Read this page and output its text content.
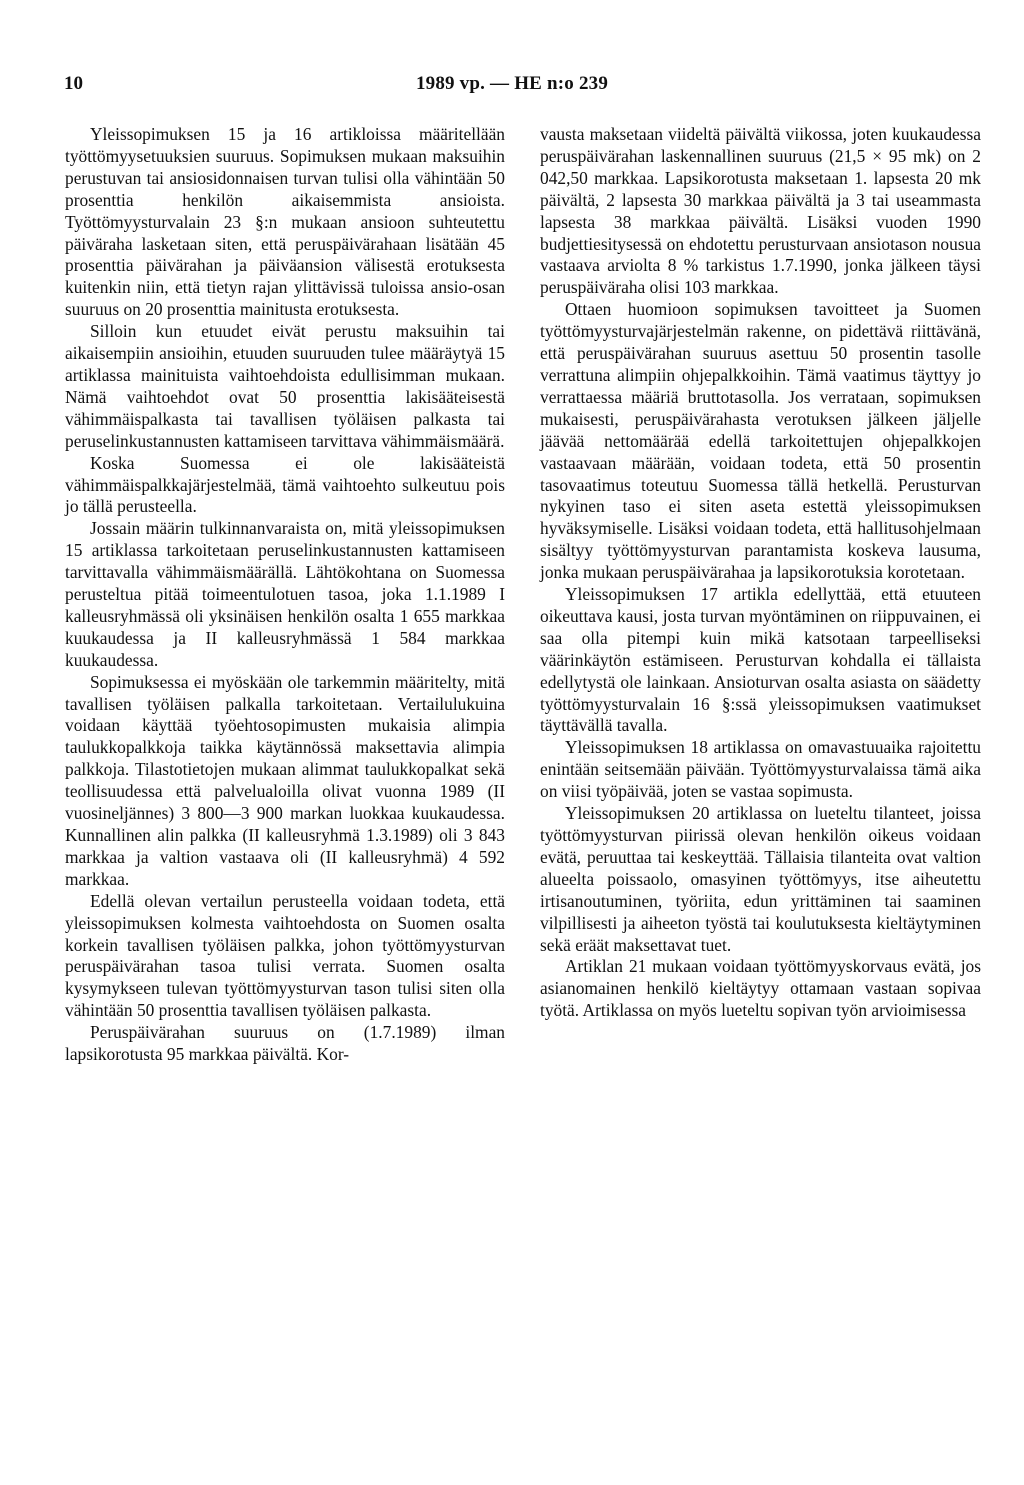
10	1989 vp. — HE n:o 239

Yleissopimuksen 15 ja 16 artikloissa määritellään työttömyysetuuksien suuruus. Sopimuksen mukaan maksuihin perustuvan tai ansiosidonnaisen turvan tulisi olla vähintään 50 prosenttia henkilön aikaisemmista ansioista. Työttömyysturvalain 23 §:n mukaan ansioon suhteutettu päiväraha lasketaan siten, että peruspäivärahaan lisätään 45 prosenttia päivärahan ja päiväansion välisestä erotuksesta kuitenkin niin, että tietyn rajan ylittävissä tuloissa ansio-osan suuruus on 20 prosenttia mainitusta erotuksesta.

Silloin kun etuudet eivät perustu maksuihin tai aikaisempiin ansioihin, etuuden suuruuden tulee määräytyä 15 artiklassa mainituista vaihtoehdoista edullisimman mukaan. Nämä vaihtoehdot ovat 50 prosenttia lakisääteisestä vähimmäispalkasta tai tavallisen työläisen palkasta tai peruselinkustannusten kattamiseen tarvittava vähimmäismäärä.

Koska Suomessa ei ole lakisääteistä vähimmäispalkkajärjestelmää, tämä vaihtoehto sulkeutuu pois jo tällä perusteella.

Jossain määrin tulkinnanvaraista on, mitä yleissopimuksen 15 artiklassa tarkoitetaan peruselinkustannusten kattamiseen tarvittavalla vähimmäismäärällä. Lähtökohtana on Suomessa perusteltua pitää toimeentulotuen tasoa, joka 1.1.1989 I kalleusryhmässä oli yksinäisen henkilön osalta 1 655 markkaa kuukaudessa ja II kalleusryhmässä 1 584 markkaa kuukaudessa.

Sopimuksessa ei myöskään ole tarkemmin määritelty, mitä tavallisen työläisen palkalla tarkoitetaan. Vertailulukuina voidaan käyttää työehtosopimusten mukaisia alimpia taulukkopalkkoja taikka käytännössä maksettavia alimpia palkkoja. Tilastotietojen mukaan alimmat taulukkopalkat sekä teollisuudessa että palvelualoilla olivat vuonna 1989 (II vuosineljännes) 3 800—3 900 markan luokkaa kuukaudessa. Kunnallinen alin palkka (II kalleusryhmä 1.3.1989) oli 3 843 markkaa ja valtion vastaava oli (II kalleusryhmä) 4 592 markkaa.

Edellä olevan vertailun perusteella voidaan todeta, että yleissopimuksen kolmesta vaihtoehdosta on Suomen osalta korkein tavallisen työläisen palkka, johon työttömyysturvan peruspäivärahan tasoa tulisi verrata. Suomen osalta kysymykseen tulevan työttömyysturvan tason tulisi siten olla vähintään 50 prosenttia tavallisen työläisen palkasta.

Peruspäivärahan suuruus on (1.7.1989) ilman lapsikorotusta 95 markkaa päivältä. Kor-

vausta maksetaan viideltä päivältä viikossa, joten kuukaudessa peruspäivärahan laskennallinen suuruus (21,5 × 95 mk) on 2 042,50 markkaa. Lapsikorotusta maksetaan 1. lapsesta 20 mk päivältä, 2 lapsesta 30 markkaa päivältä ja 3 tai useammasta lapsesta 38 markkaa päivältä. Lisäksi vuoden 1990 budjettiesitysessä on ehdotettu perusturvaan ansiotason nousua vastaava arviolta 8 % tarkistus 1.7.1990, jonka jälkeen täysi peruspäiväraha olisi 103 markkaa.

Ottaen huomioon sopimuksen tavoitteet ja Suomen työttömyysturvajärjestelmän rakenne, on pidettävä riittävänä, että peruspäivärahan suuruus asettuu 50 prosentin tasolle verrattuna alimpiin ohjepalkkoihin. Tämä vaatimus täyttyy jo verrattaessa määriä bruttotasolla. Jos verrataan, sopimuksen mukaisesti, peruspäivärahasta verotuksen jälkeen jäljelle jäävää nettomäärää edellä tarkoitettujen ohjepalkkojen vastaavaan määrään, voidaan todeta, että 50 prosentin tasovaatimus toteutuu Suomessa tällä hetkellä. Perusturvan nykyinen taso ei siten aseta estettä yleissopimuksen hyväksymiselle. Lisäksi voidaan todeta, että hallitusohjelmaan sisältyy työttömyysturvan parantamista koskeva lausuma, jonka mukaan peruspäivärahaa ja lapsikorotuksia korotetaan.

Yleissopimuksen 17 artikla edellyttää, että etuuteen oikeuttava kausi, josta turvan myöntäminen on riippuvainen, ei saa olla pitempi kuin mikä katsotaan tarpeelliseksi väärinkäytön estämiseen. Perusturvan kohdalla ei tällaista edellytystä ole lainkaan. Ansioturvan osalta asiasta on säädetty työttömyysturvalain 16 §:ssä yleissopimuksen vaatimukset täyttävällä tavalla.

Yleissopimuksen 18 artiklassa on omavastuuaika rajoitettu enintään seitsemään päivään. Työttömyysturvalaissa tämä aika on viisi työpäivää, joten se vastaa sopimusta.

Yleissopimuksen 20 artiklassa on lueteltu tilanteet, joissa työttömyysturvan piirissä olevan henkilön oikeus voidaan evätä, peruuttaa tai keskeyttää. Tällaisia tilanteita ovat valtion alueelta poissaolo, omasyinen työttömyys, itse aiheutettu irtisanoutuminen, työriita, edun yrittäminen tai saaminen vilpillisesti ja aiheeton työstä tai koulutuksesta kieltäytyminen sekä eräät maksettavat tuet.

Artiklan 21 mukaan voidaan työttömyyskorvaus evätä, jos asianomainen henkilö kieltäytyy ottamaan vastaan sopivaa työtä. Artiklassa on myös lueteltu sopivan työn arvioimisessa
